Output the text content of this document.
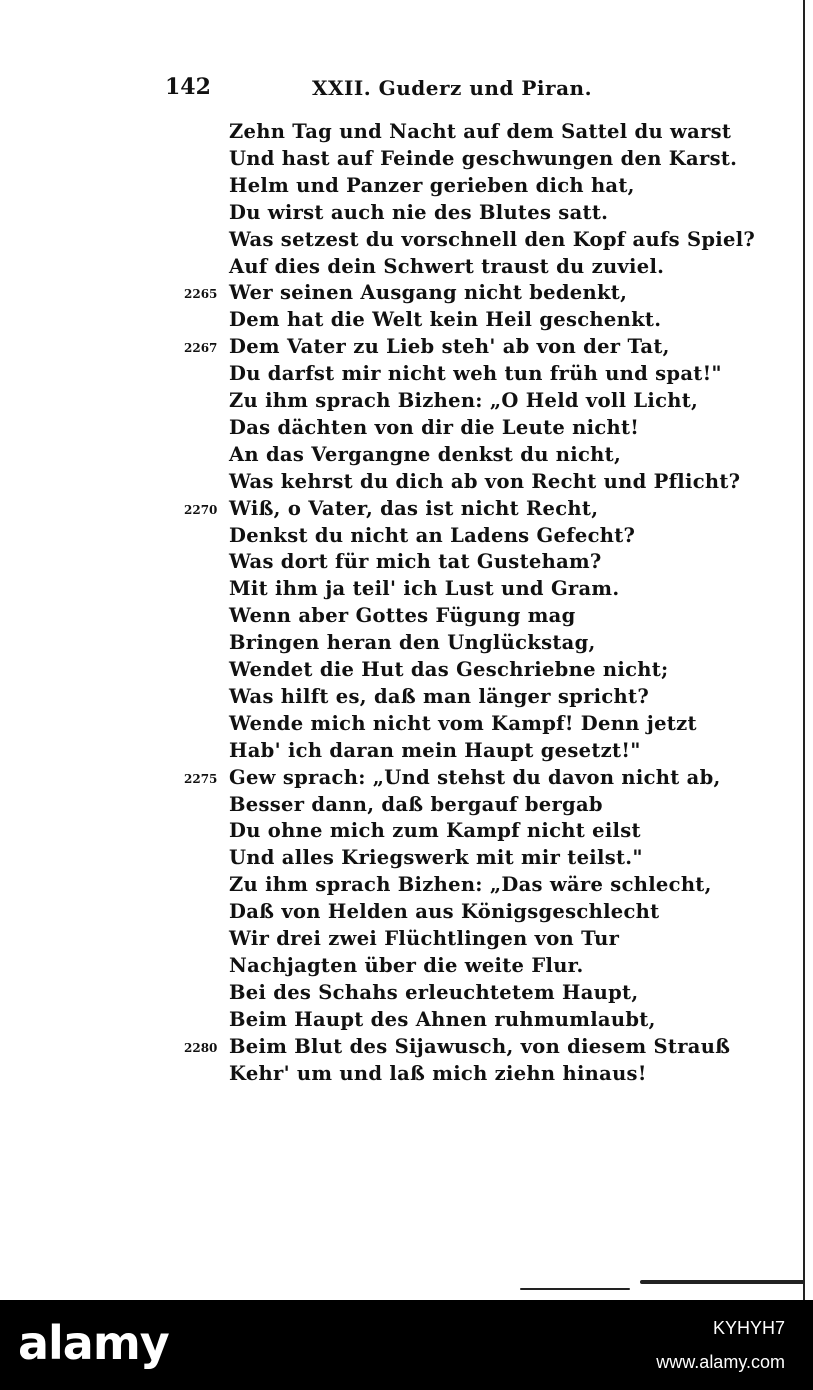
142	XXII. Guderz und Piran.
Zehn Tag und Nacht auf dem Sattel du warst
Und hast auf Feinde geschwungen den Karst.
Helm und Panzer gerieben dich hat,
Du wirst auch nie des Blutes satt.
Was setzest du vorschnell den Kopf aufs Spiel?
Auf dies dein Schwert traust du zuviel.
Wer seinen Ausgang nicht bedenkt,
Dem hat die Welt kein Heil geschenkt.
Dem Vater zu Lieb steh' ab von der Tat,
Du darfst mir nicht weh tun früh und spat!"
Zu ihm sprach Bizhen: „O Held voll Licht,
Das dächten von dir die Leute nicht!
An das Vergangne denkst du nicht,
Was kehrst du dich ab von Recht und Pflicht?
Wiß, o Vater, das ist nicht Recht,
Denkst du nicht an Ladens Gefecht?
Was dort für mich tat Gusteham?
Mit ihm ja teil' ich Lust und Gram.
Wenn aber Gottes Fügung mag
Bringen heran den Unglückstag,
Wendet die Hut das Geschriebne nicht;
Was hilft es, daß man länger spricht?
Wende mich nicht vom Kampf! Denn jetzt
Hab' ich daran mein Haupt gesetzt!"
Gew sprach: „Und stehst du davon nicht ab,
Besser dann, daß bergauf bergab
Du ohne mich zum Kampf nicht eilst
Und alles Kriegswerk mit mir teilst."
Zu ihm sprach Bizhen: „Das wäre schlecht,
Daß von Helden aus Königsgeschlecht
Wir drei zwei Flüchtlingen von Tur
Nachjagten über die weite Flur.
Bei des Schahs erleuchtetem Haupt,
Beim Haupt des Ahnen ruhmumlaubt,
Beim Blut des Sijawusch, von diesem Strauß
Kehr' um und laß mich ziehn hinaus!
2265
2267
2270
2275
2280
alamy	KYHYH7
www.alamy.com
